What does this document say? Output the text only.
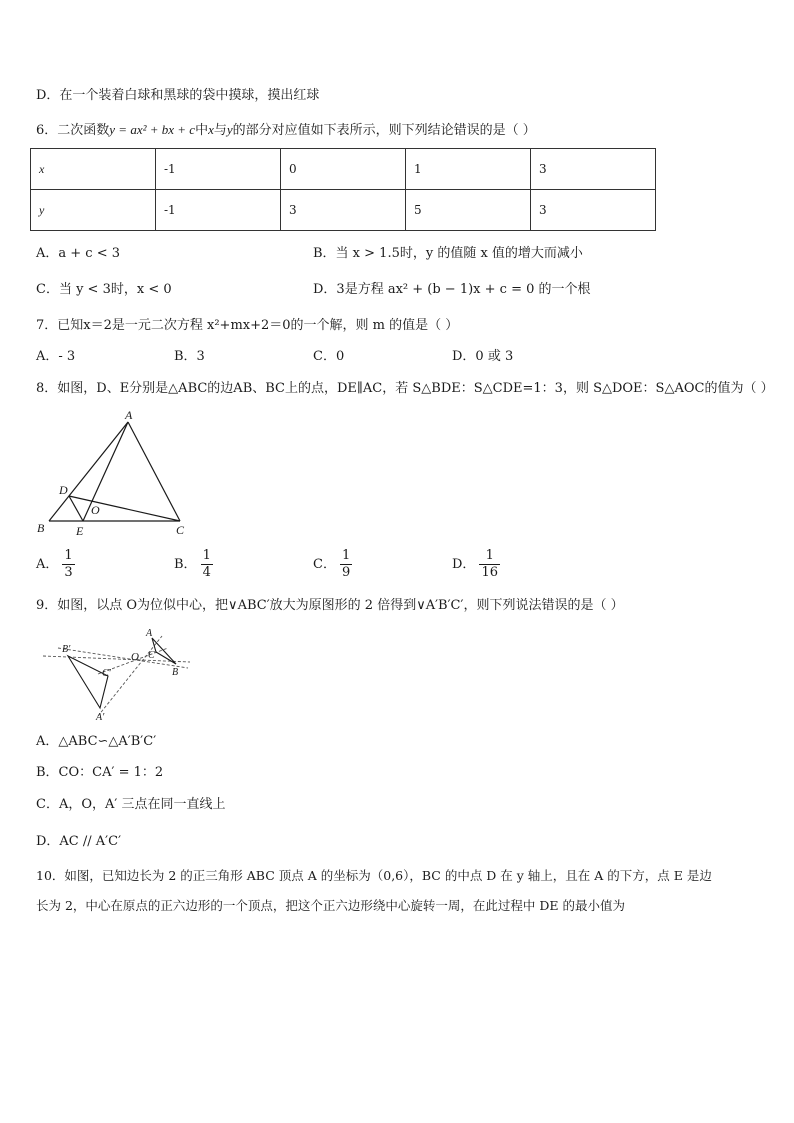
D．在一个装着白球和黑球的袋中摸球，摸出红球
6．二次函数y = ax² + bx + c中x与y的部分对应值如下表所示，则下列结论错误的是（ ）
x	-1	0	1	3
y	-1	3	5	3
A．a + c < 3	B．当 x > 1.5时，y 的值随 x 值的增大而减小
C．当 y < 3时，x < 0	D．3是方程 ax² + (b − 1)x + c = 0 的一个根
7．已知x＝2是一元二次方程 x²+mx+2＝0的一个解，则 m 的值是（ ）
A．- 3	B．3	C．0	D．0 或 3
8．如图，D、E分别是△ABC的边AB、BC上的点，DE∥AC，若 S△BDE：S△CDE=1：3，则 S△DOE：S△AOC的值为（ ）
A
B	C
D
E
O
A． $\frac{1}{3}$	B． $\frac{1}{4}$	C． $\frac{1}{9}$	D． $\frac{1}{16}$
9．如图，以点 O为位似中心，把∨ABC′放大为原图形的 2 倍得到∨A′B′C′，则下列说法错误的是（ ）
A
B
C
O
A′
B′
C′
A．△ABC∽△A′B′C′
B．CO：CA′ = 1：2
C．A，O，A′ 三点在同一直线上
D．AC // A′C′
10．如图，已知边长为 2 的正三角形 ABC 顶点 A 的坐标为（0,6），BC 的中点 D 在 y 轴上，且在 A 的下方，点 E 是边
长为 2，中心在原点的正六边形的一个顶点，把这个正六边形绕中心旋转一周，在此过程中 DE 的最小值为
